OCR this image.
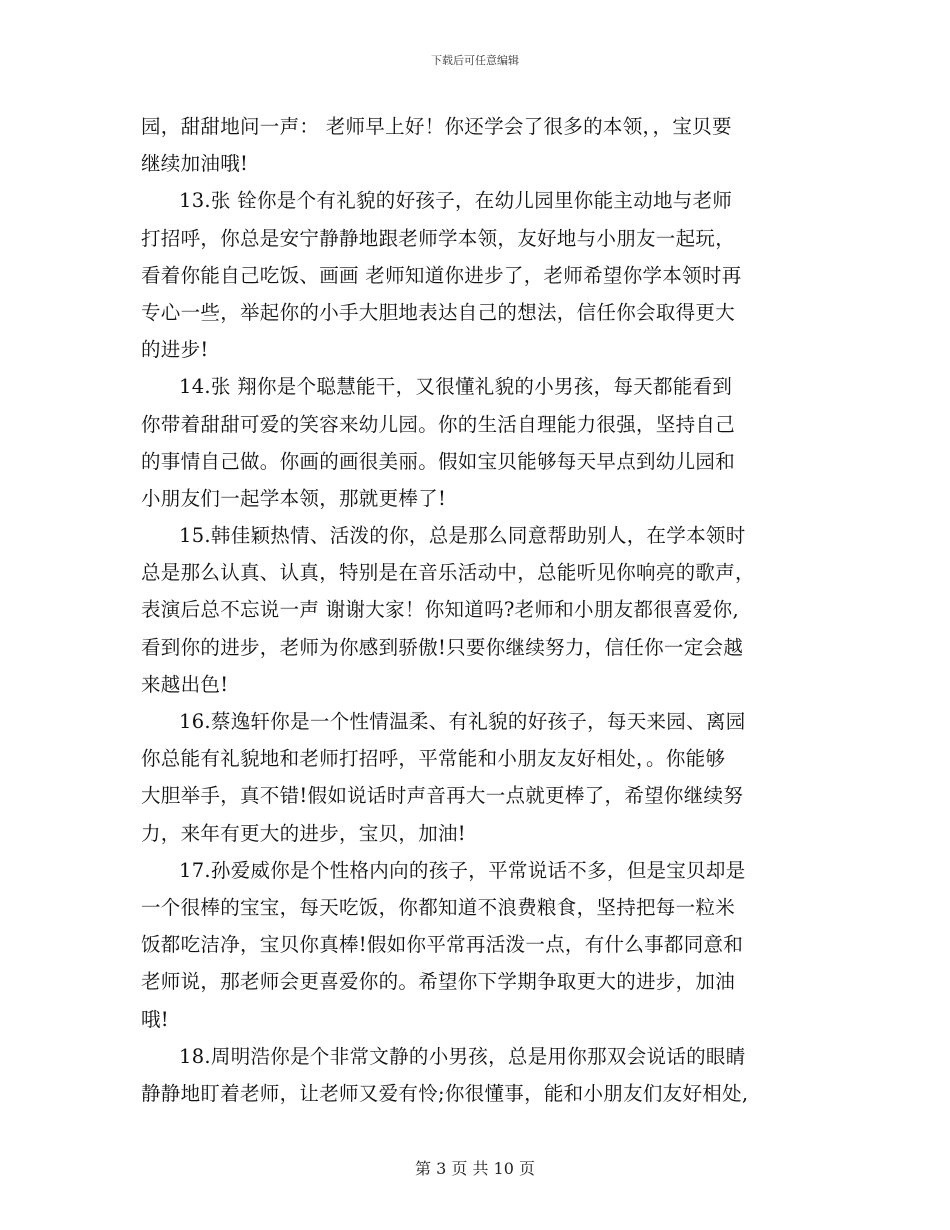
下载后可任意编辑
园，甜甜地问一声： 老师早上好！你还学会了很多的本领，，宝贝要
继续加油哦!
13.张 铨你是个有礼貌的好孩子，在幼儿园里你能主动地与老师
打招呼，你总是安宁静静地跟老师学本领，友好地与小朋友一起玩，
看着你能自己吃饭、画画 老师知道你进步了，老师希望你学本领时再
专心一些，举起你的小手大胆地表达自己的想法，信任你会取得更大
的进步!
14.张 翔你是个聪慧能干，又很懂礼貌的小男孩，每天都能看到
你带着甜甜可爱的笑容来幼儿园。你的生活自理能力很强，坚持自己
的事情自己做。你画的画很美丽。假如宝贝能够每天早点到幼儿园和
小朋友们一起学本领，那就更棒了!
15.韩佳颖热情、活泼的你，总是那么同意帮助别人，在学本领时
总是那么认真、认真，特别是在音乐活动中，总能听见你响亮的歌声，
表演后总不忘说一声 谢谢大家！你知道吗?老师和小朋友都很喜爱你,
看到你的进步，老师为你感到骄傲!只要你继续努力，信任你一定会越
来越出色!
16.蔡逸轩你是一个性情温柔、有礼貌的好孩子，每天来园、离园
你总能有礼貌地和老师打招呼，平常能和小朋友友好相处，。你能够
大胆举手，真不错!假如说话时声音再大一点就更棒了，希望你继续努
力，来年有更大的进步，宝贝，加油!
17.孙爱威你是个性格内向的孩子，平常说话不多，但是宝贝却是
一个很棒的宝宝，每天吃饭，你都知道不浪费粮食，坚持把每一粒米
饭都吃洁净，宝贝你真棒!假如你平常再活泼一点，有什么事都同意和
老师说，那老师会更喜爱你的。希望你下学期争取更大的进步，加油
哦!
18.周明浩你是个非常文静的小男孩，总是用你那双会说话的眼睛
静静地盯着老师，让老师又爱有怜;你很懂事，能和小朋友们友好相处,
第 3 页 共 10 页
